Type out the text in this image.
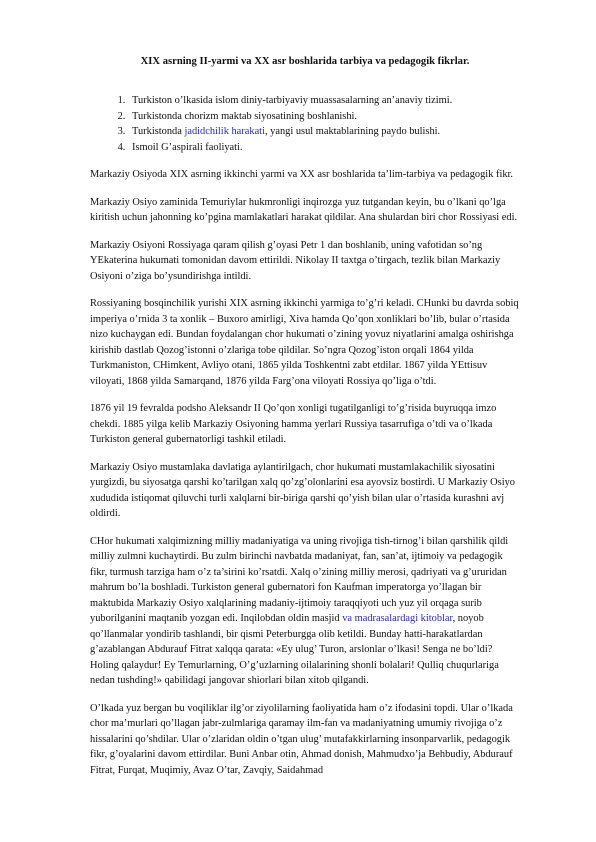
XIX asrning II-yarmi va XX asr boshlarida tarbiya va pedagogik fikrlar.
1. Turkiston o’lkasida islom diniy-tarbiyaviy muassasalarning an’anaviy tizimi.
2. Turkistonda chorizm maktab siyosatining boshlanishi.
3. Turkistonda jadidchilik harakati, yangi usul maktablarining paydo bulishi.
4. Ismoil G’aspirali faoliyati.

Markaziy Osiyoda XIX asrning ikkinchi yarmi va XX asr boshlarida ta’lim-tarbiya va pedagogik fikr.

Markaziy Osiyo zaminida Temuriylar hukmronligi inqirozga yuz tutgandan keyin, bu o’lkani qo’lga kiritish uchun jahonning ko’pgina mamlakatlari harakat qildilar. Ana shulardan biri chor Rossiyasi edi.

Markaziy Osiyoni Rossiyaga qaram qilish g’oyasi Petr 1 dan boshlanib, uning vafotidan so’ng YEkaterina hukumati tomonidan davom ettirildi. Nikolay II taxtga o’tirgach, tezlik bilan Markaziy Osiyoni o’ziga bo’ysundirishga intildi.

Rossiyaning bosqinchilik yurishi XIX asrning ikkinchi yarmiga to’g’ri keladi. CHunki bu davrda sobiq imperiya o’rnida 3 ta xonlik – Buxoro amirligi, Xiva hamda Qo’qon xonliklari bo’lib, bular o’rtasida nizo kuchaygan edi. Bundan foydalangan chor hukumati o’zining yovuz niyatlarini amalga oshirishga kirishib dastlab Qozog’istonni o’zlariga tobe qildilar. So’ngra Qozog’iston orqali 1864 yilda Turkmaniston, CHimkent, Avliyo otani, 1865 yilda Toshkentni zabt etdilar. 1867 yilda YEttisuv viloyati, 1868 yilda Samarqand, 1876 yilda Farg’ona viloyati Rossiya qo’liga o’tdi.

1876 yil 19 fevralda podsho Aleksandr II Qo’qon xonligi tugatilganligi to’g’risida buyruqqa imzo chekdi. 1885 yilga kelib Markaziy Osiyoning hamma yerlari Russiya tasarrufiga o’tdi va o’lkada Turkiston general gubernatorligi tashkil etiladi.

Markaziy Osiyo mustamlaka davlatiga aylantirilgach, chor hukumati mustamlakachilik siyosatini yurgizdi, bu siyosatga qarshi ko’tarilgan xalq qo’zg’olonlarini esa ayovsiz bostirdi. U Markaziy Osiyo xududida istiqomat qiluvchi turli xalqlarni bir-biriga qarshi qo’yish bilan ular o’rtasida kurashni avj oldirdi.

CHor hukumati xalqimizning milliy madaniyatiga va uning rivojiga tish-tirnog’i bilan qarshilik qildi milliy zulmni kuchaytirdi. Bu zulm birinchi navbatda madaniyat, fan, san’at, ijtimoiy va pedagogik fikr, turmush tarziga ham o’z ta’sirini ko’rsatdi. Xalq o’zining milliy merosi, qadriyati va g’ururidan mahrum bo’la boshladi. Turkiston general gubernatori fon Kaufman imperatorga yo’llagan bir maktubida Markaziy Osiyo xalqlarining madaniy-ijtimoiy taraqqiyoti uch yuz yil orqaga surib yuborilganini maqtanib yozgan edi. Inqilobdan oldin masjid va madrasalardagi kitoblar, noyob qo’llanmalar yondirib tashlandi, bir qismi Peterburgga olib ketildi. Bunday hatti-harakatlardan g’azablangan Abdurauf Fitrat xalqqa qarata: «Ey ulug’ Turon, arslonlar o’lkasi! Senga ne bo’ldi? Holing qalaydur! Ey Temurlarning, O’g’uzlarning oilalarining shonli bolalari! Qulliq chuqurlariga nedan tushding!» qabilidagi jangovar shiorlari bilan xitob qilgandi.

O’lkada yuz bergan bu voqiliklar ilg’or ziyolilarning faoliyatida ham o’z ifodasini topdi. Ular o’lkada chor ma’murlari qo’llagan jabr-zulmlariga qaramay ilm-fan va madaniyatning umumiy rivojiga o’z hissalarini qo’shdilar. Ular o’zlaridan oldin o’tgan ulug’ mutafakkirlarning insonparvarlik, pedagogik fikr, g’oyalarini davom ettirdilar. Buni Anbar otin, Ahmad donish, Mahmudxo’ja Behbudiy, Abdurauf Fitrat, Furqat, Muqimiy, Avaz O’tar, Zavqiy, Saidahmad
